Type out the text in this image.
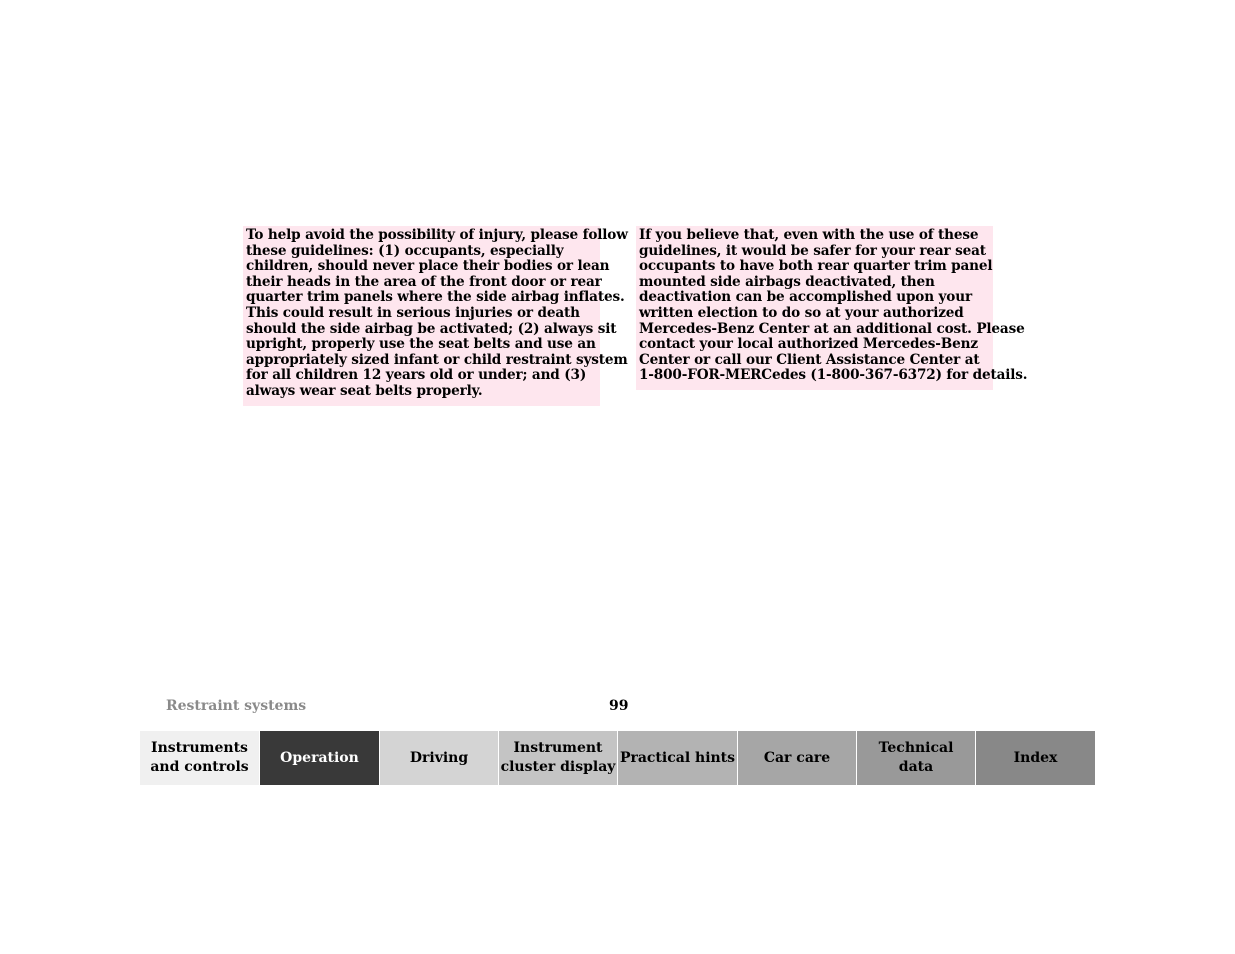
To help avoid the possibility of injury, please follow
these guidelines: (1) occupants, especially
children, should never place their bodies or lean
their heads in the area of the front door or rear
quarter trim panels where the side airbag inflates.
This could result in serious injuries or death
should the side airbag be activated; (2) always sit
upright, properly use the seat belts and use an
appropriately sized infant or child restraint system
for all children 12 years old or under; and (3)
always wear seat belts properly.
If you believe that, even with the use of these
guidelines, it would be safer for your rear seat
occupants to have both rear quarter trim panel
mounted side airbags deactivated, then
deactivation can be accomplished upon your
written election to do so at your authorized
Mercedes-Benz Center at an additional cost. Please
contact your local authorized Mercedes-Benz
Center or call our Client Assistance Center at
1-800-FOR-MERCedes (1-800-367-6372) for details.
Restraint systems	99
Instruments
and controls
Operation	Driving
Instrument
cluster display
Practical hints	Car care
Technical
data
Index
